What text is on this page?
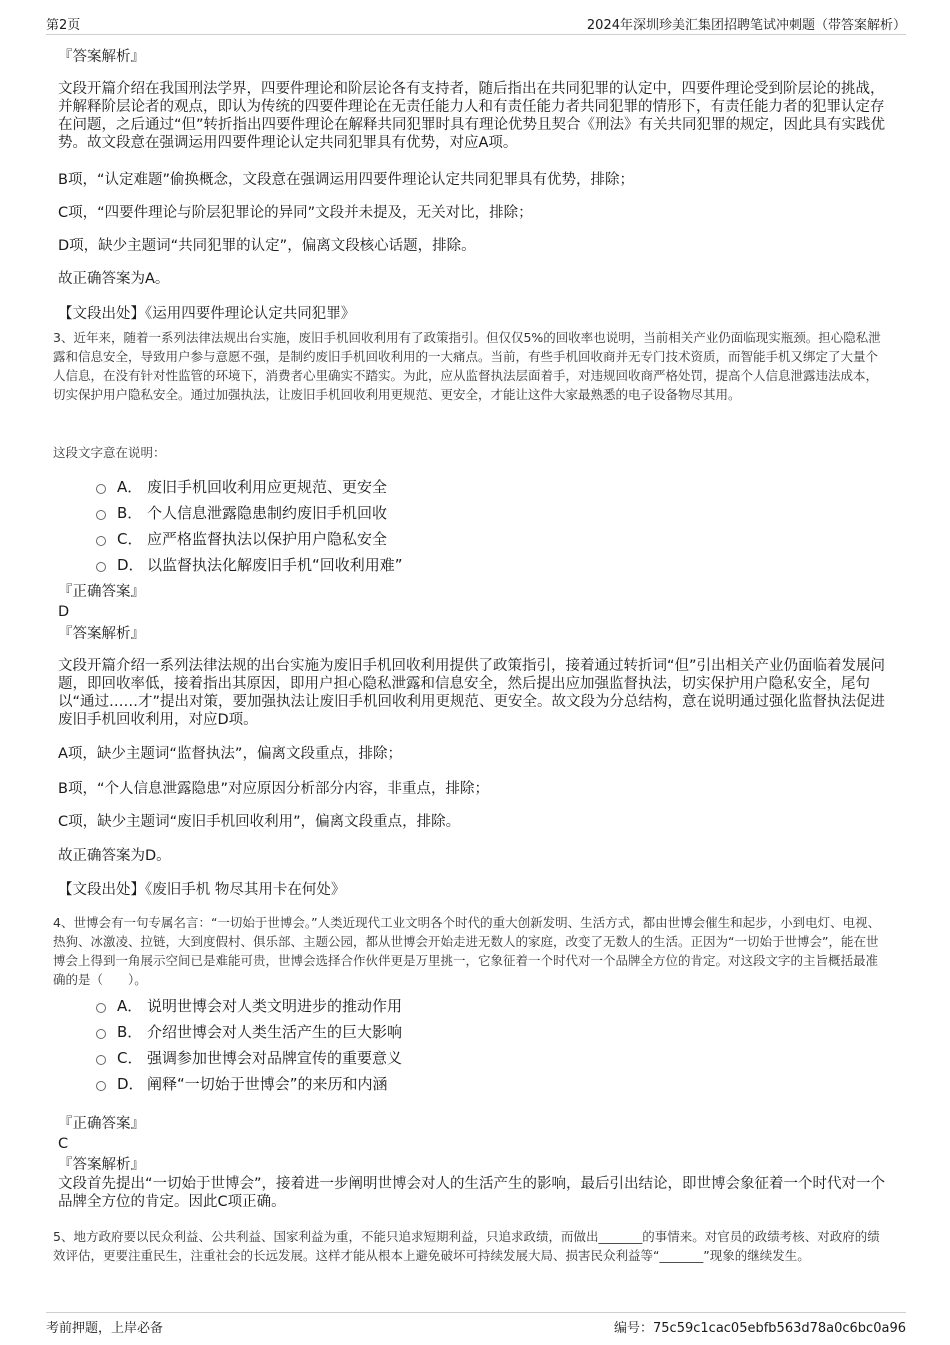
第2页	2024年深圳珍美汇集团招聘笔试冲刺题（带答案解析）
『答案解析』
文段开篇介绍在我国刑法学界，四要件理论和阶层论各有支持者，随后指出在共同犯罪的认定中，四要件理论受到阶层论的挑战，并解释阶层论者的观点，即认为传统的四要件理论在无责任能力人和有责任能力者共同犯罪的情形下，有责任能力者的犯罪认定存在问题，之后通过“但”转折指出四要件理论在解释共同犯罪时具有理论优势且契合《刑法》有关共同犯罪的规定，因此具有实践优势。故文段意在强调运用四要件理论认定共同犯罪具有优势，对应A项。
B项，“认定难题”偷换概念，文段意在强调运用四要件理论认定共同犯罪具有优势，排除；
C项，“四要件理论与阶层犯罪论的异同”文段并未提及，无关对比，排除；
D项，缺少主题词“共同犯罪的认定”，偏离文段核心话题，排除。
故正确答案为A。
【文段出处】《运用四要件理论认定共同犯罪》
3、近年来，随着一系列法律法规出台实施，废旧手机回收利用有了政策指引。但仅仅5%的回收率也说明，当前相关产业仍面临现实瓶颈。担心隐私泄露和信息安全，导致用户参与意愿不强，是制约废旧手机回收利用的一大痛点。当前，有些手机回收商并无专门技术资质，而智能手机又绑定了大量个人信息，在没有针对性监管的环境下，消费者心里确实不踏实。为此，应从监督执法层面着手，对违规回收商严格处罚，提高个人信息泄露违法成本，切实保护用户隐私安全。通过加强执法，让废旧手机回收利用更规范、更安全，才能让这件大家最熟悉的电子设备物尽其用。
这段文字意在说明：
A． 废旧手机回收利用应更规范、更安全
B． 个人信息泄露隐患制约废旧手机回收
C． 应严格监督执法以保护用户隐私安全
D． 以监督执法化解废旧手机“回收利用难”
『正确答案』
D
『答案解析』
文段开篇介绍一系列法律法规的出台实施为废旧手机回收利用提供了政策指引，接着通过转折词“但”引出相关产业仍面临着发展问题，即回收率低，接着指出其原因，即用户担心隐私泄露和信息安全，然后提出应加强监督执法，切实保护用户隐私安全，尾句以“通过……才”提出对策，要加强执法让废旧手机回收利用更规范、更安全。故文段为分总结构，意在说明通过强化监督执法促进废旧手机回收利用，对应D项。
A项，缺少主题词“监督执法”，偏离文段重点，排除；
B项，“个人信息泄露隐患”对应原因分析部分内容，非重点，排除；
C项，缺少主题词“废旧手机回收利用”，偏离文段重点，排除。
故正确答案为D。
【文段出处】《废旧手机 物尽其用卡在何处》
4、世博会有一句专属名言：“一切始于世博会。”人类近现代工业文明各个时代的重大创新发明、生活方式，都由世博会催生和起步，小到电灯、电视、热狗、冰激凌、拉链，大到度假村、俱乐部、主题公园，都从世博会开始走进无数人的家庭，改变了无数人的生活。正因为“一切始于世博会”，能在世博会上得到一角展示空间已是难能可贵，世博会选择合作伙伴更是万里挑一，它象征着一个时代对一个品牌全方位的肯定。对这段文字的主旨概括最准确的是（　　）。
A． 说明世博会对人类文明进步的推动作用
B． 介绍世博会对人类生活产生的巨大影响
C． 强调参加世博会对品牌宣传的重要意义
D． 阐释“一切始于世博会”的来历和内涵
『正确答案』
C
『答案解析』
文段首先提出“一切始于世博会”，接着进一步阐明世博会对人的生活产生的影响，最后引出结论，即世博会象征着一个时代对一个品牌全方位的肯定。因此C项正确。
5、地方政府要以民众利益、公共利益、国家利益为重，不能只追求短期利益，只追求政绩，而做出_______的事情来。对官员的政绩考核、对政府的绩效评估，更要注重民生，注重社会的长远发展。这样才能从根本上避免破坏可持续发展大局、损害民众利益等“_______”现象的继续发生。
考前押题，上岸必备	编号：75c59c1cac05ebfb563d78a0c6bc0a96
